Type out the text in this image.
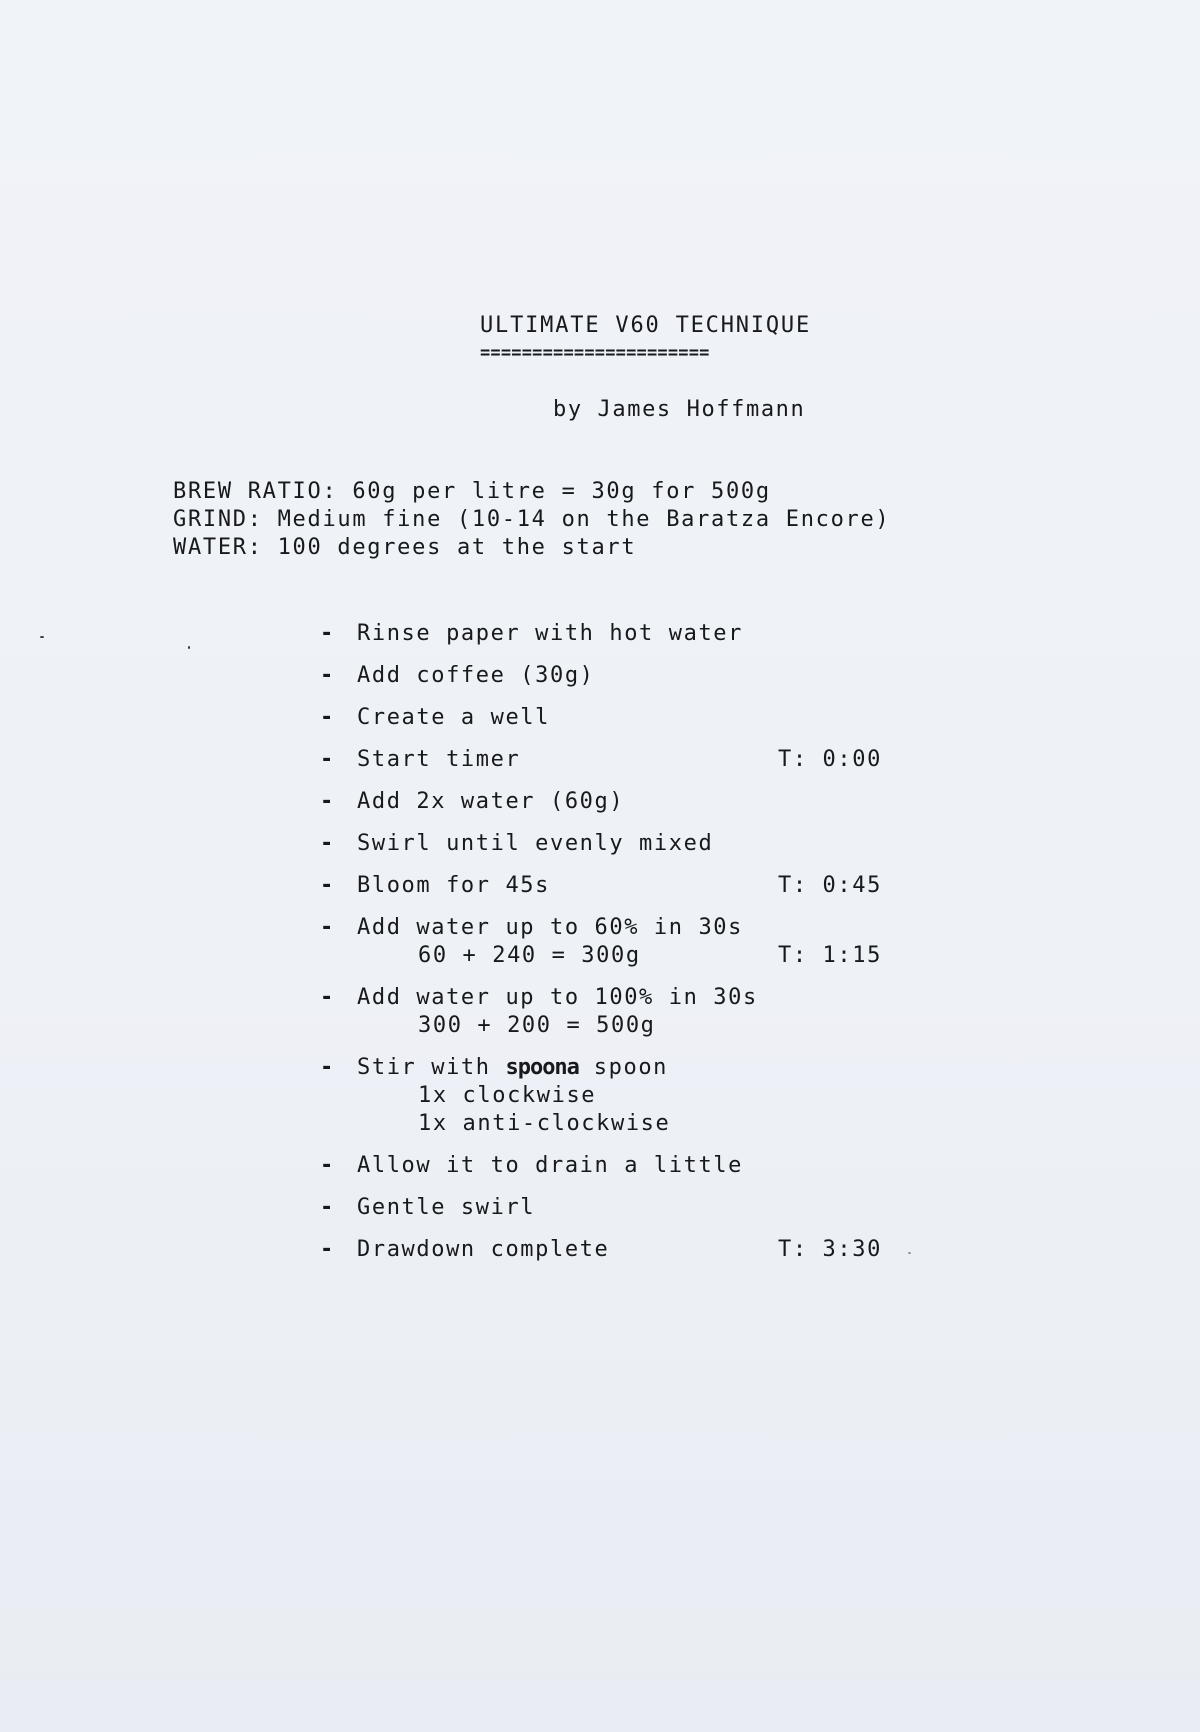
ULTIMATE V60 TECHNIQUE
======================
by James Hoffmann
BREW RATIO: 60g per litre = 30g for 500g
GRIND: Medium fine (10-14 on the Baratza Encore)
WATER: 100 degrees at the start
- Rinse paper with hot water
- Add coffee (30g)
- Create a well
- Start timer	T: 0:00
- Add 2x water (60g)
- Swirl until evenly mixed
- Bloom for 45s	T: 0:45
- Add water up to 60% in 30s
60 + 240 = 300g	T: 1:15
- Add water up to 100% in 30s
300 + 200 = 500g
- Stir with spoona spoon
1x clockwise
1x anti-clockwise
- Allow it to drain a little
- Gentle swirl
- Drawdown complete	T: 3:30
